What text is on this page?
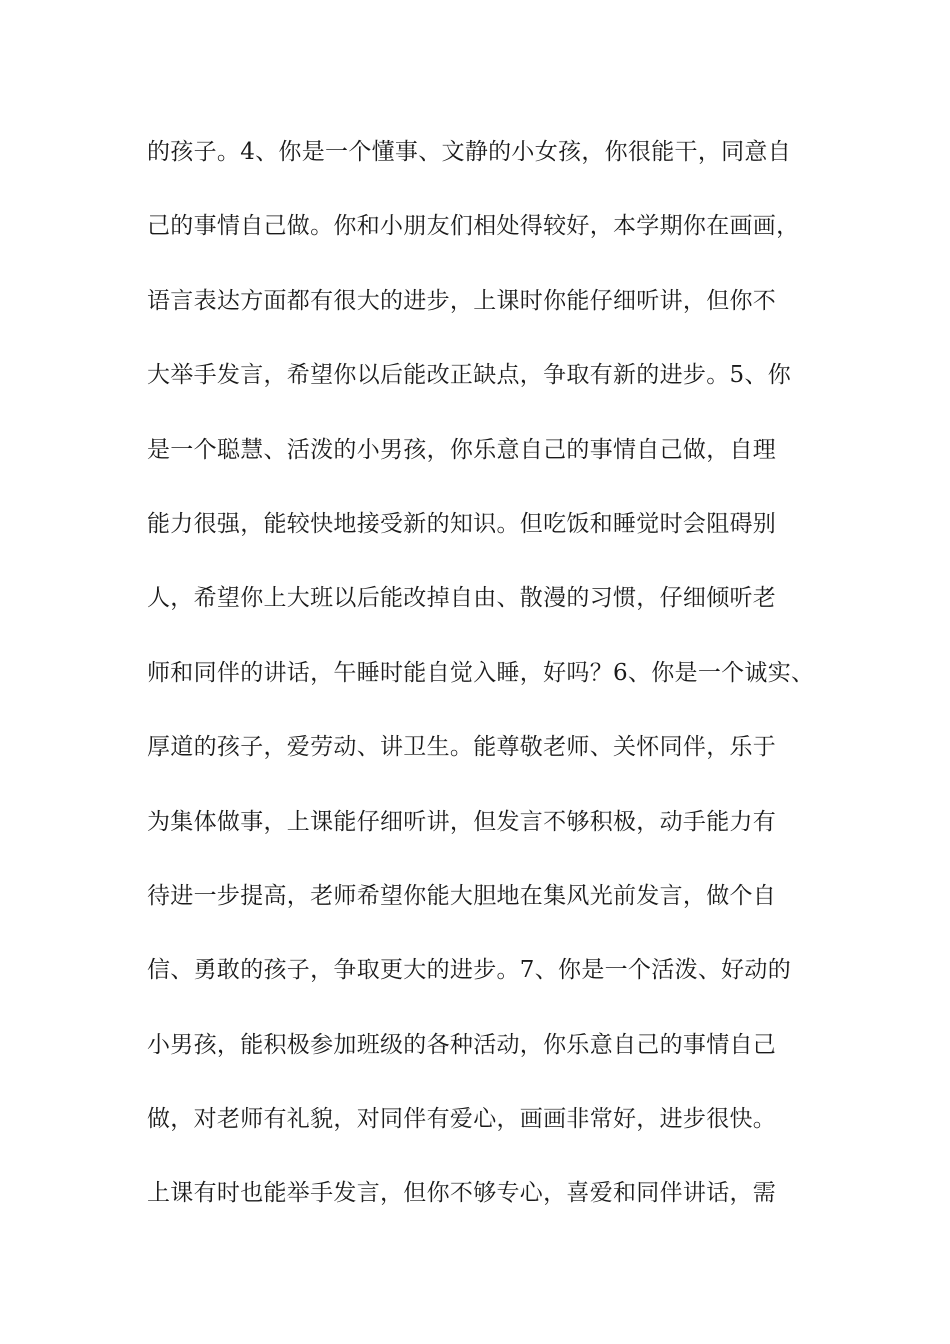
的孩子。4、你是一个懂事、文静的小女孩，你很能干，同意自
己的事情自己做。你和小朋友们相处得较好，本学期你在画画，
语言表达方面都有很大的进步，上课时你能仔细听讲，但你不
大举手发言，希望你以后能改正缺点，争取有新的进步。5、你
是一个聪慧、活泼的小男孩，你乐意自己的事情自己做，自理
能力很强，能较快地接受新的知识。但吃饭和睡觉时会阻碍别
人，希望你上大班以后能改掉自由、散漫的习惯，仔细倾听老
师和同伴的讲话，午睡时能自觉入睡，好吗？6、你是一个诚实、
厚道的孩子，爱劳动、讲卫生。能尊敬老师、关怀同伴，乐于
为集体做事，上课能仔细听讲，但发言不够积极，动手能力有
待进一步提高，老师希望你能大胆地在集风光前发言，做个自
信、勇敢的孩子，争取更大的进步。7、你是一个活泼、好动的
小男孩，能积极参加班级的各种活动，你乐意自己的事情自己
做，对老师有礼貌，对同伴有爱心，画画非常好，进步很快。
上课有时也能举手发言，但你不够专心，喜爱和同伴讲话，需
